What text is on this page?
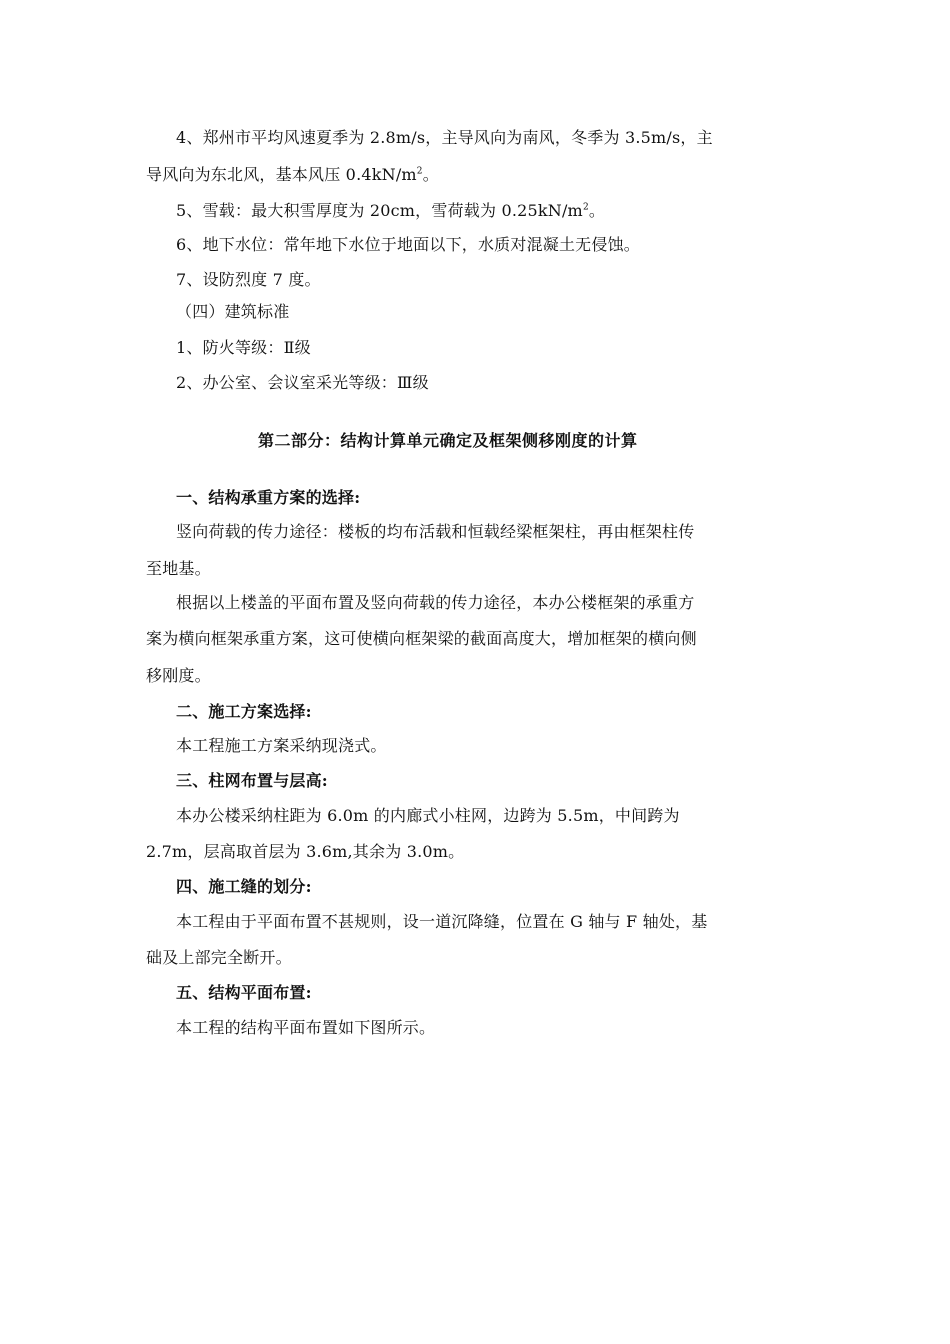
4、郑州市平均风速夏季为 2.8m/s，主导风向为南风，冬季为 3.5m/s，主
导风向为东北风，基本风压 $0.4kN/m^2$。
5、雪载：最大积雪厚度为 20cm，雪荷载为 $0.25kN/m^2$。
6、地下水位：常年地下水位于地面以下，水质对混凝土无侵蚀。
7、设防烈度 7 度。
（四）建筑标准
1、防火等级：Ⅱ级
2、办公室、会议室采光等级：Ⅲ级
第二部分：结构计算单元确定及框架侧移刚度的计算
一、结构承重方案的选择:
竖向荷载的传力途径：楼板的均布活载和恒载经梁框架柱，再由框架柱传
至地基。
根据以上楼盖的平面布置及竖向荷载的传力途径，本办公楼框架的承重方
案为横向框架承重方案，这可使横向框架梁的截面高度大，增加框架的横向侧
移刚度。
二、施工方案选择:
本工程施工方案采纳现浇式。
三、柱网布置与层高:
本办公楼采纳柱距为 6.0m 的内廊式小柱网，边跨为 5.5m，中间跨为
2.7m，层高取首层为 3.6m,其余为 3.0m。
四、施工缝的划分:
本工程由于平面布置不甚规则，设一道沉降缝，位置在 G 轴与 F 轴处，基
础及上部完全断开。
五、结构平面布置:
本工程的结构平面布置如下图所示。
